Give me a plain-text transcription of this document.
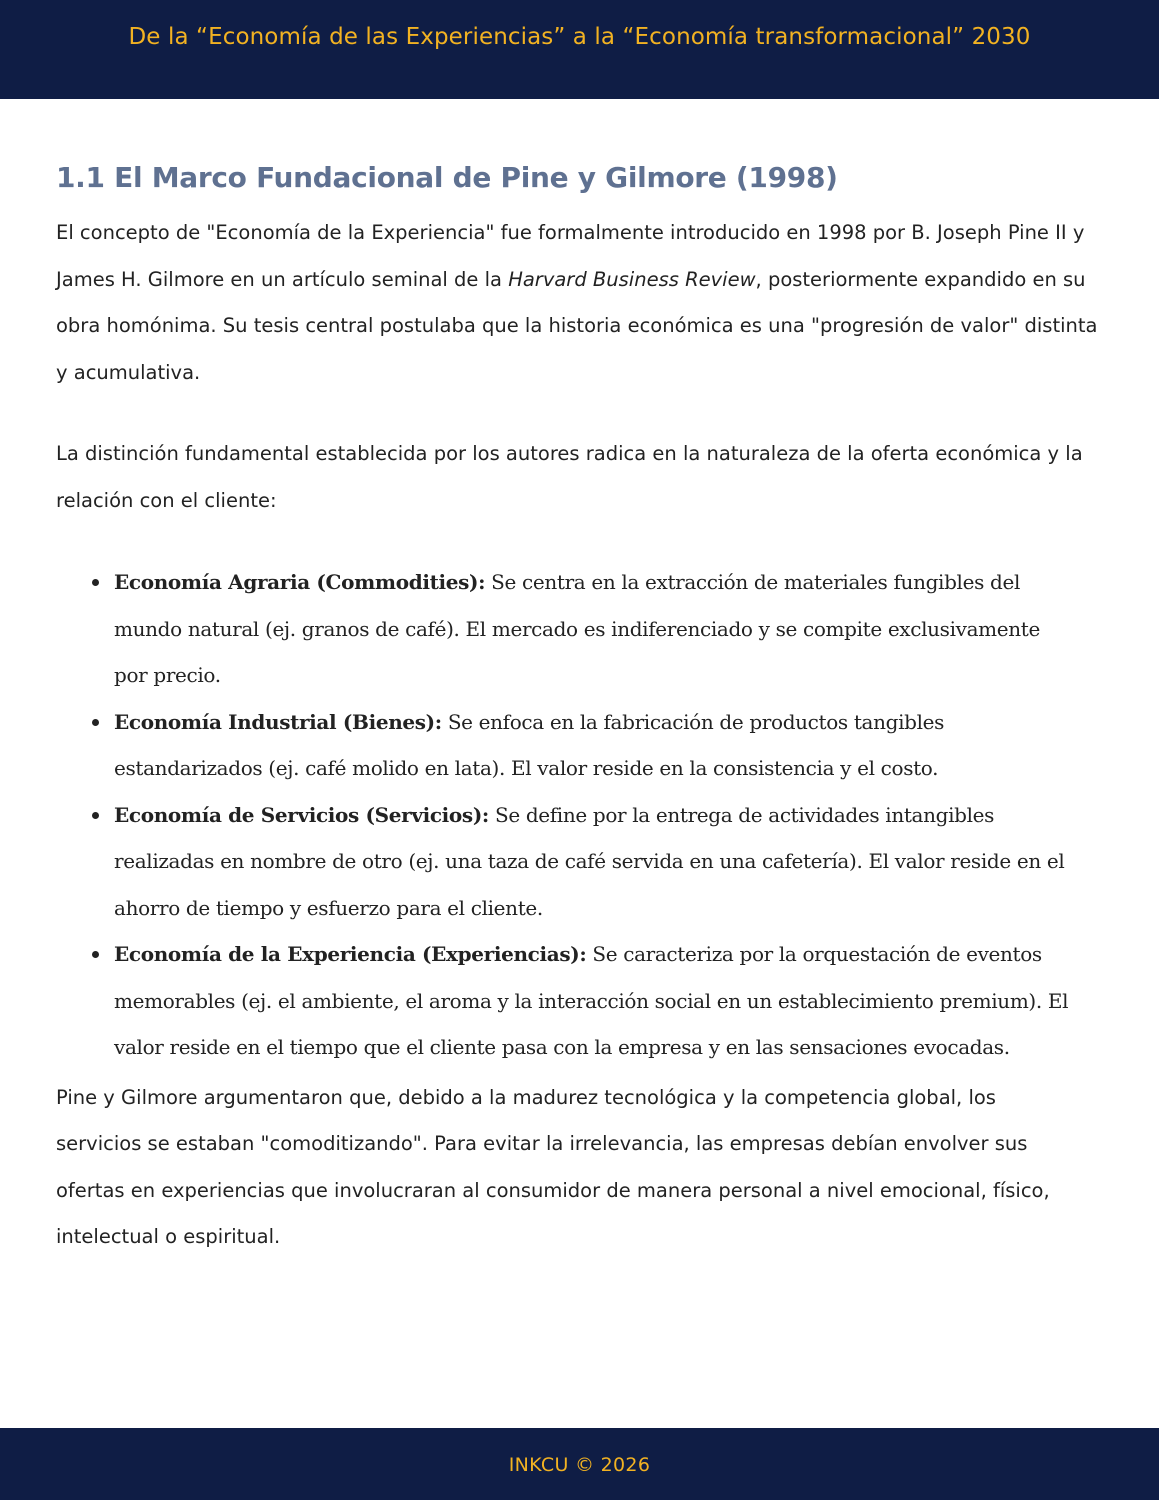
De la “Economía de las Experiencias” a la “Economía transformacional” 2030
1.1 El Marco Fundacional de Pine y Gilmore (1998)

El concepto de "Economía de la Experiencia" fue formalmente introducido en 1998 por B. Joseph Pine II y James H. Gilmore en un artículo seminal de la Harvard Business Review, posteriormente expandido en su obra homónima. Su tesis central postulaba que la historia económica es una "progresión de valor" distinta y acumulativa.

La distinción fundamental establecida por los autores radica en la naturaleza de la oferta económica y la relación con el cliente:

Economía Agraria (Commodities): Se centra en la extracción de materiales fungibles del mundo natural (ej. granos de café). El mercado es indiferenciado y se compite exclusivamente por precio.
Economía Industrial (Bienes): Se enfoca en la fabricación de productos tangibles estandarizados (ej. café molido en lata). El valor reside en la consistencia y el costo.
Economía de Servicios (Servicios): Se define por la entrega de actividades intangibles realizadas en nombre de otro (ej. una taza de café servida en una cafetería). El valor reside en el ahorro de tiempo y esfuerzo para el cliente.
Economía de la Experiencia (Experiencias): Se caracteriza por la orquestación de eventos memorables (ej. el ambiente, el aroma y la interacción social en un establecimiento premium). El valor reside en el tiempo que el cliente pasa con la empresa y en las sensaciones evocadas.

Pine y Gilmore argumentaron que, debido a la madurez tecnológica y la competencia global, los servicios se estaban "comoditizando". Para evitar la irrelevancia, las empresas debían envolver sus ofertas en experiencias que involucraran al consumidor de manera personal a nivel emocional, físico, intelectual o espiritual.

INKCU © 2026
